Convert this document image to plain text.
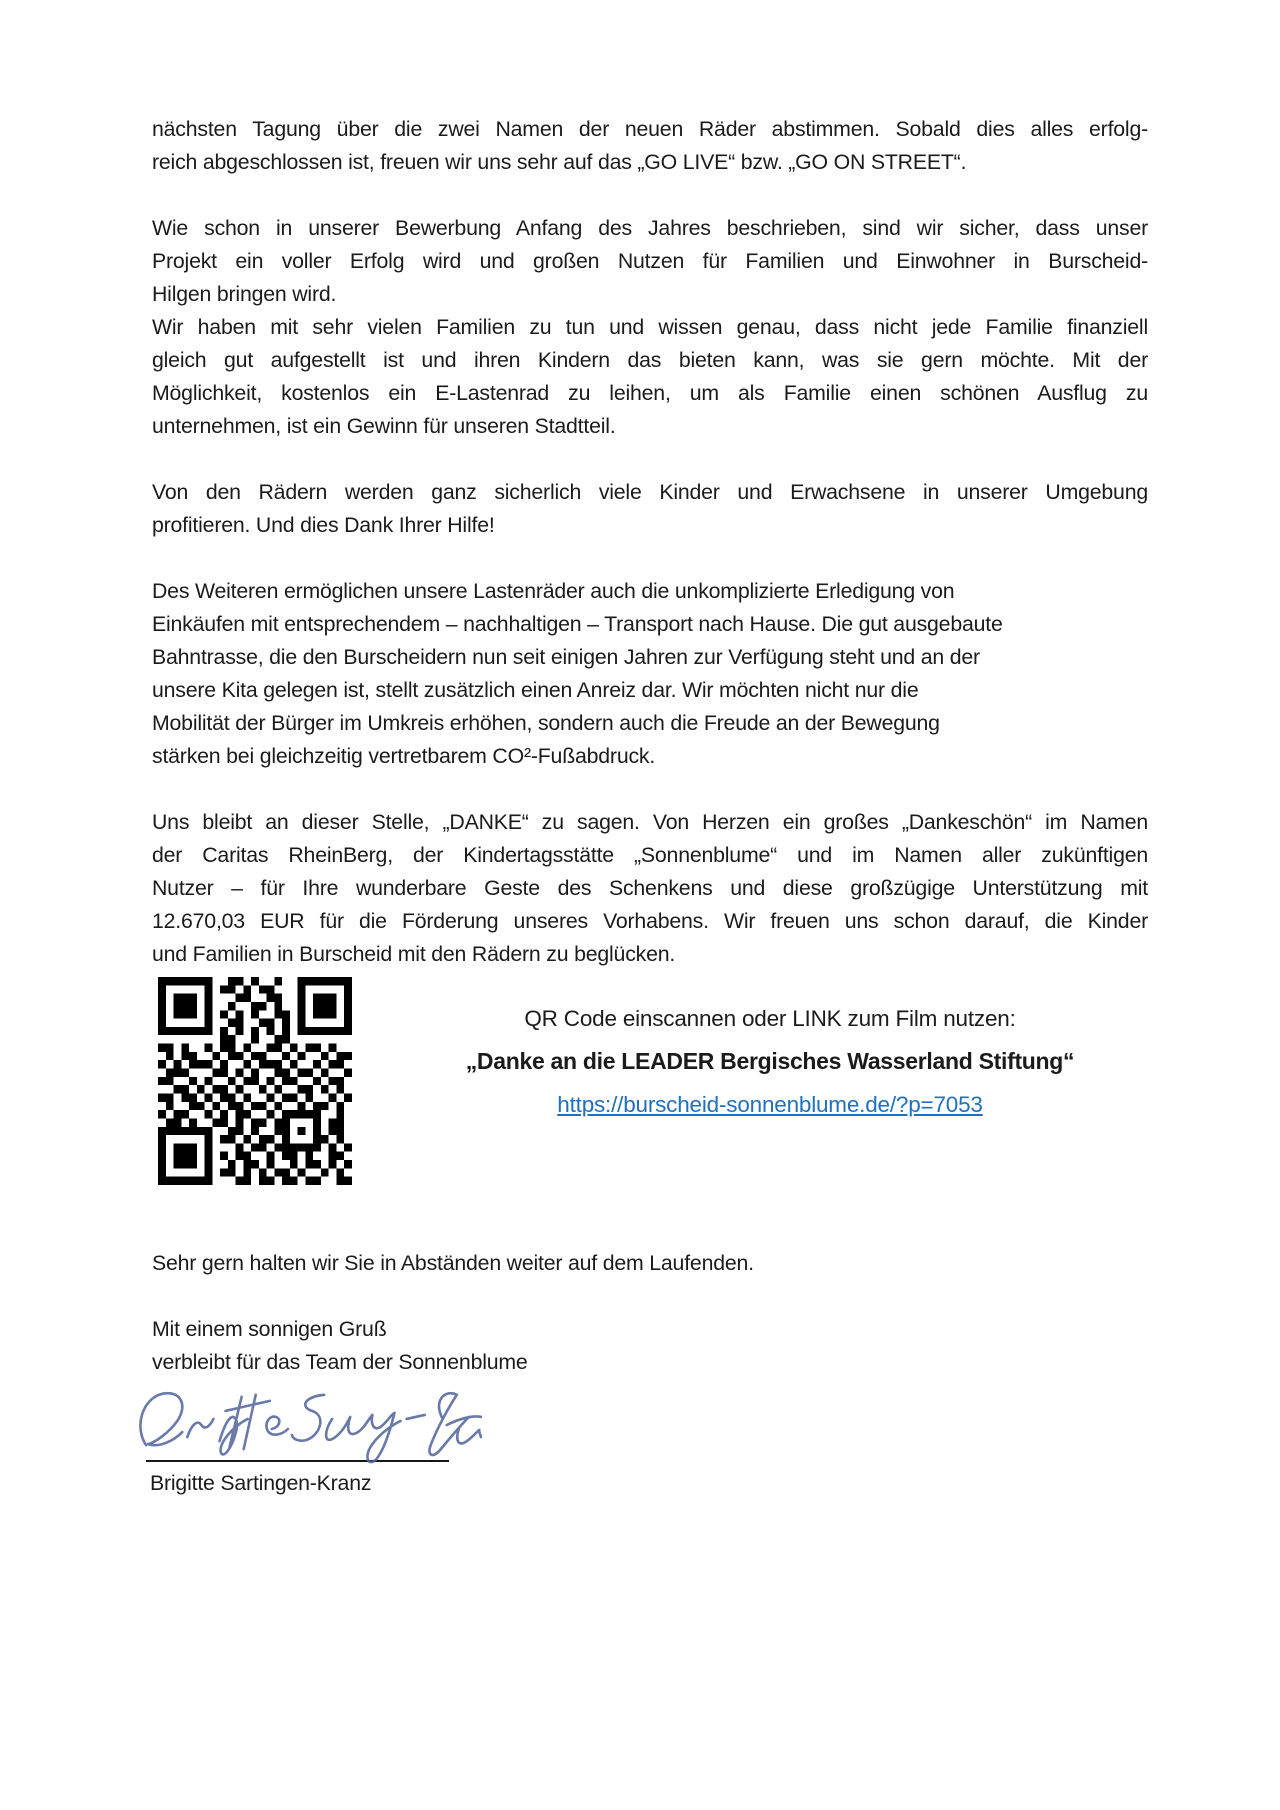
nächsten Tagung über die zwei Namen der neuen Räder abstimmen. Sobald dies alles erfolg-
reich abgeschlossen ist, freuen wir uns sehr auf das „GO LIVE“ bzw. „GO ON STREET“.
Wie schon in unserer Bewerbung Anfang des Jahres beschrieben, sind wir sicher, dass unser
Projekt ein voller Erfolg wird und großen Nutzen für Familien und Einwohner in Burscheid-
Hilgen bringen wird.
Wir haben mit sehr vielen Familien zu tun und wissen genau, dass nicht jede Familie finanziell
gleich gut aufgestellt ist und ihren Kindern das bieten kann, was sie gern möchte. Mit der
Möglichkeit, kostenlos ein E-Lastenrad zu leihen, um als Familie einen schönen Ausflug zu
unternehmen, ist ein Gewinn für unseren Stadtteil.
Von den Rädern werden ganz sicherlich viele Kinder und Erwachsene in unserer Umgebung
profitieren. Und dies Dank Ihrer Hilfe!
Des Weiteren ermöglichen unsere Lastenräder auch die unkomplizierte Erledigung von
Einkäufen mit entsprechendem – nachhaltigen – Transport nach Hause. Die gut ausgebaute
Bahntrasse, die den Burscheidern nun seit einigen Jahren zur Verfügung steht und an der
unsere Kita gelegen ist, stellt zusätzlich einen Anreiz dar. Wir möchten nicht nur die
Mobilität der Bürger im Umkreis erhöhen, sondern auch die Freude an der Bewegung
stärken bei gleichzeitig vertretbarem CO²-Fußabdruck.
Uns bleibt an dieser Stelle, „DANKE“ zu sagen. Von Herzen ein großes „Dankeschön“ im Namen
der Caritas RheinBerg, der Kindertagsstätte „Sonnenblume“ und im Namen aller zukünftigen
Nutzer – für Ihre wunderbare Geste des Schenkens und diese großzügige Unterstützung mit
12.670,03 EUR für die Förderung unseres Vorhabens. Wir freuen uns schon darauf, die Kinder
und Familien in Burscheid mit den Rädern zu beglücken.
QR Code einscannen oder LINK zum Film nutzen:
„Danke an die LEADER Bergisches Wasserland Stiftung“
https://burscheid-sonnenblume.de/?p=7053
Sehr gern halten wir Sie in Abständen weiter auf dem Laufenden.
Mit einem sonnigen Gruß
verbleibt für das Team der Sonnenblume
Brigitte Sartingen-Kranz
